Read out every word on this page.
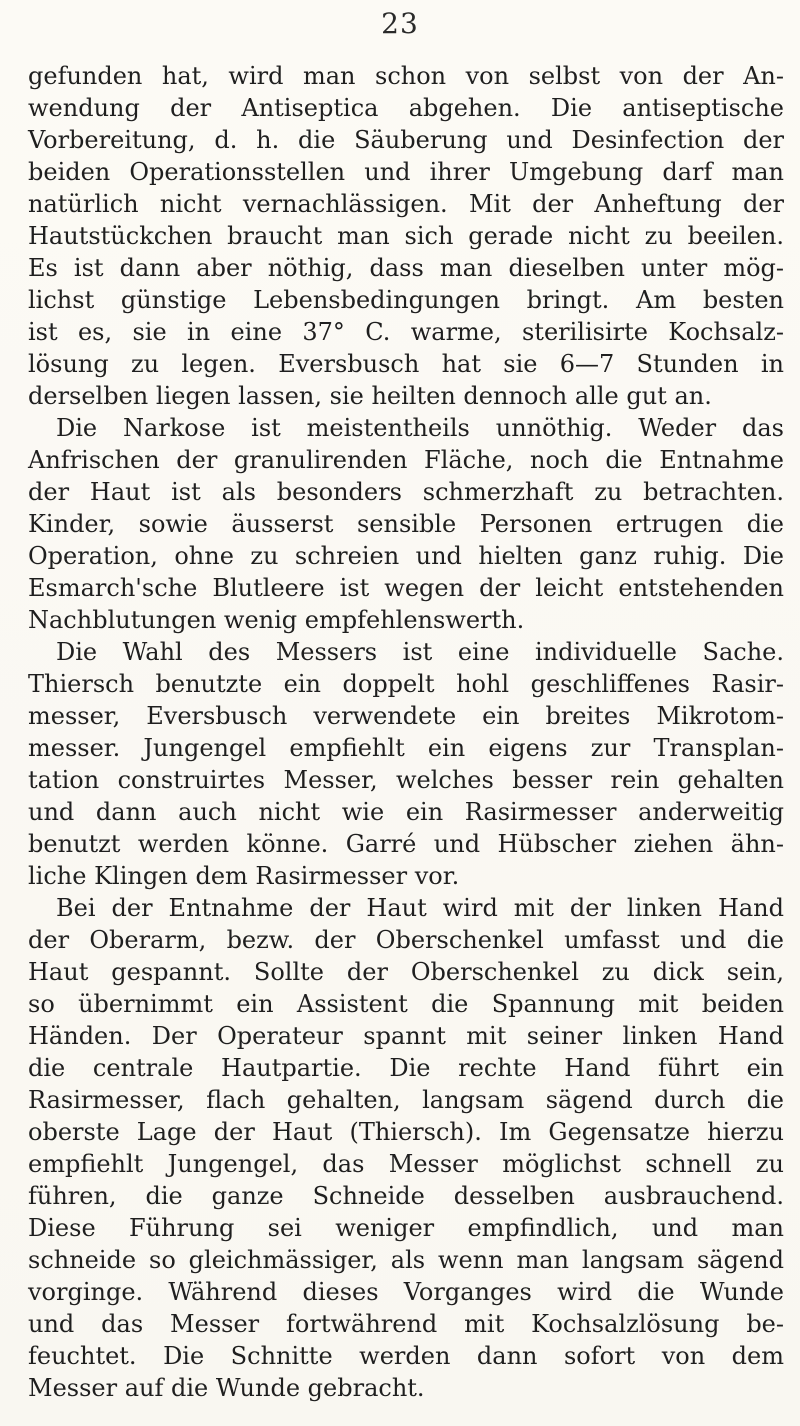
23
gefunden hat, wird man schon von selbst von der An-
wendung der Antiseptica abgehen. Die antiseptische
Vorbereitung, d. h. die Säuberung und Desinfection der
beiden Operationsstellen und ihrer Umgebung darf man
natürlich nicht vernachlässigen. Mit der Anheftung der
Hautstückchen braucht man sich gerade nicht zu beeilen.
Es ist dann aber nöthig, dass man dieselben unter mög-
lichst günstige Lebensbedingungen bringt. Am besten
ist es, sie in eine 37° C. warme, sterilisirte Kochsalz-
lösung zu legen. Eversbusch hat sie 6—7 Stunden in
derselben liegen lassen, sie heilten dennoch alle gut an.
Die Narkose ist meistentheils unnöthig. Weder das
Anfrischen der granulirenden Fläche, noch die Entnahme
der Haut ist als besonders schmerzhaft zu betrachten.
Kinder, sowie äusserst sensible Personen ertrugen die
Operation, ohne zu schreien und hielten ganz ruhig. Die
Esmarch'sche Blutleere ist wegen der leicht entstehenden
Nachblutungen wenig empfehlenswerth.
Die Wahl des Messers ist eine individuelle Sache.
Thiersch benutzte ein doppelt hohl geschliffenes Rasir-
messer, Eversbusch verwendete ein breites Mikrotom-
messer. Jungengel empfiehlt ein eigens zur Transplan-
tation construirtes Messer, welches besser rein gehalten
und dann auch nicht wie ein Rasirmesser anderweitig
benutzt werden könne. Garré und Hübscher ziehen ähn-
liche Klingen dem Rasirmesser vor.
Bei der Entnahme der Haut wird mit der linken Hand
der Oberarm, bezw. der Oberschenkel umfasst und die
Haut gespannt. Sollte der Oberschenkel zu dick sein,
so übernimmt ein Assistent die Spannung mit beiden
Händen. Der Operateur spannt mit seiner linken Hand
die centrale Hautpartie. Die rechte Hand führt ein
Rasirmesser, flach gehalten, langsam sägend durch die
oberste Lage der Haut (Thiersch). Im Gegensatze hierzu
empfiehlt Jungengel, das Messer möglichst schnell zu
führen, die ganze Schneide desselben ausbrauchend.
Diese Führung sei weniger empfindlich, und man
schneide so gleichmässiger, als wenn man langsam sägend
vorginge. Während dieses Vorganges wird die Wunde
und das Messer fortwährend mit Kochsalzlösung be-
feuchtet. Die Schnitte werden dann sofort von dem
Messer auf die Wunde gebracht.
